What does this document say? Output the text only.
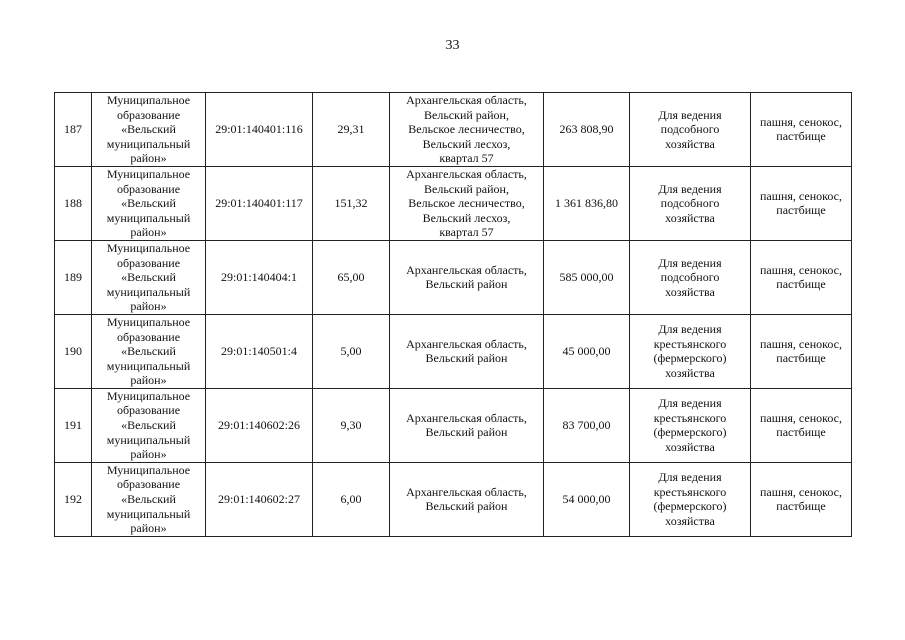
33
187	Муниципальное
образование
«Вельский
муниципальный
район»	29:01:140401:116	29,31	Архангельская область,
Вельский район,
Вельское лесничество,
Вельский лесхоз,
квартал 57	263 808,90	Для ведения
подсобного
хозяйства	пашня, сенокос,
пастбище
188	Муниципальное
образование
«Вельский
муниципальный
район»	29:01:140401:117	151,32	Архангельская область,
Вельский район,
Вельское лесничество,
Вельский лесхоз,
квартал 57	1 361 836,80	Для ведения
подсобного
хозяйства	пашня, сенокос,
пастбище
189	Муниципальное
образование
«Вельский
муниципальный
район»	29:01:140404:1	65,00	Архангельская область,
Вельский район	585 000,00	Для ведения
подсобного
хозяйства	пашня, сенокос,
пастбище
190	Муниципальное
образование
«Вельский
муниципальный
район»	29:01:140501:4	5,00	Архангельская область,
Вельский район	45 000,00	Для ведения
крестьянского
(фермерского)
хозяйства	пашня, сенокос,
пастбище
191	Муниципальное
образование
«Вельский
муниципальный
район»	29:01:140602:26	9,30	Архангельская область,
Вельский район	83 700,00	Для ведения
крестьянского
(фермерского)
хозяйства	пашня, сенокос,
пастбище
192	Муниципальное
образование
«Вельский
муниципальный
район»	29:01:140602:27	6,00	Архангельская область,
Вельский район	54 000,00	Для ведения
крестьянского
(фермерского)
хозяйства	пашня, сенокос,
пастбище
